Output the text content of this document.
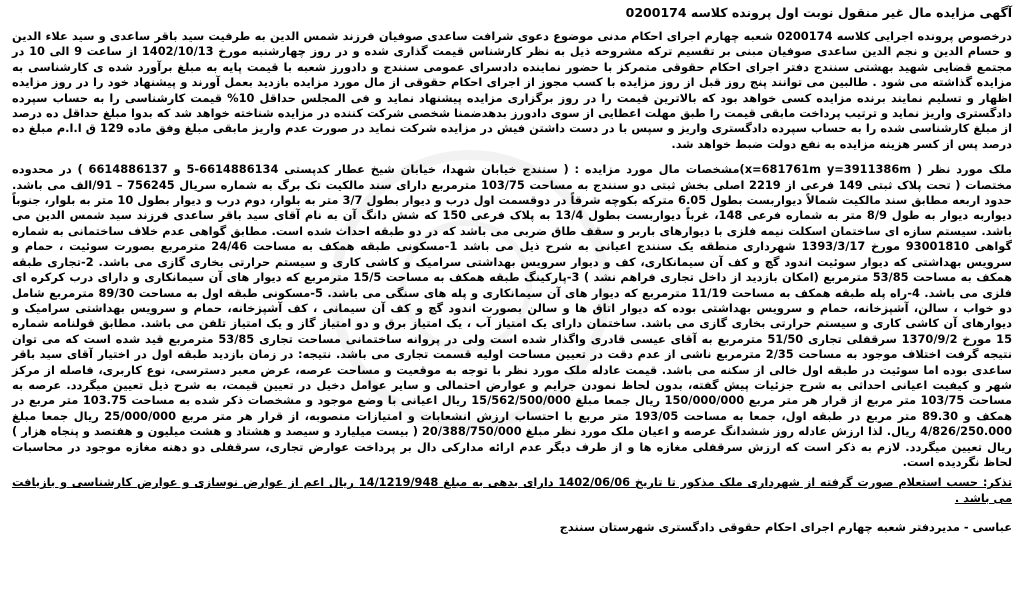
آگهی مزایده مال غیر منقول نوبت اول پرونده کلاسه 0200174

درخصوص پرونده اجرایی کلاسه 0200174 شعبه چهارم اجرای احکام مدنی موضوع دعوی شرافت ساعدی صوفیان فرزند شمس الدین به طرفیت سید باقر ساعدی و سید علاء الدین و حسام الدین و نجم الدین ساعدی صوفیان مبنی بر تقسیم ترکه مشروحه ذیل به نظر کارشناس قیمت گذاری شده و در روز چهارشنبه مورخ 1402/10/13 از ساعت 9 الی 10 در مجتمع قضایی شهید بهشتی سنندج دفتر اجرای احکام حقوقی متمرکز با حضور نماینده دادسرای عمومی سنندج و دادورز شعبه با قیمت پایه به مبلغ برآورد شده ی کارشناسی به مزایده گذاشته می شود . طالبین می توانند پنج روز قبل از روز مزایده با کسب مجوز از اجرای احکام حقوقی از مال مورد مزایده بازدید بعمل آورند و پیشنهاد خود را در روز مزایده اظهار و تسلیم نمایند برنده مزایده کسی خواهد بود که بالاترین قیمت را در روز برگزاری مزایده پیشنهاد نماید و فی المجلس حداقل 10% قیمت کارشناسی را به حساب سپرده دادگستری واریز نماید و ترتیب پرداخت مابقی قیمت را طبق مهلت اعطایی از سوی دادورز بدهدضمنا شخصی شرکت کننده در مزایده شناخته خواهد شد که بدوا مبلغ حداقل ده درصد از مبلغ کارشناسی شده را به حساب سپرده دادگستری واریز و سپس با در دست داشتن فیش در مزایده شرکت نماید در صورت عدم واریز مابقی مبلغ وفق ماده 129 ق ا.ا.م مبلغ ده درصد پس از کسر هزینه مزایده به نفع دولت ضبط خواهد شد.

ملک مورد نظر ( x=681761m y=3911386m)مشخصات مال مورد مزایده : ( سنندج خیابان شهدا، خیابان شیخ عطار کدپستی 6614886134-5 و 6614886137 ) در محدوده مختصات ( تحت پلاک ثبتی 149 فرعی از 2219 اصلی بخش ثبتی دو سنندج به مساحت 103/75 مترمربع دارای سند مالکیت تک برگ به شماره سریال 756245 – 91/الف می باشد. حدود اربعه مطابق سند مالکیت شمالاً دیواربست بطول 6.05 مترکه بکوچه شرقاً در دوقسمت اول درب و دیوار بطول 3/7 متر به بلوار، دوم درب و دیوار بطول 10 متر به بلوار، جنوباً دیواربه دیوار به طول 8/9 متر به شماره فرعی 148، غرباً دیواربست بطول 13/4 به پلاک فرعی 150 که شش دانگ آن به نام آقای سید باقر ساعدی فرزند سید شمس الدین می باشد. سیستم سازه ای ساختمان اسکلت نیمه فلزی با دیوارهای باربر و سقف طاق ضربی می باشد که در دو طبقه احداث شده است. مطابق گواهی عدم خلاف ساختمانی به شماره گواهی 93001810 مورخ 1393/3/17 شهرداری منطقه یک سنندج اعیانی به شرح ذیل می باشد 1-مسکونی طبقه همکف به مساحت 24/46 مترمربع بصورت سوئیت ، حمام و سرویس بهداشتی که دیوار سوئیت اندود گچ و کف آن سیمانکاری، کف و دیوار سرویس بهداشتی سرامیک و کاشی کاری و سیستم حرارتی بخاری گازی می باشد. 2-تجاری طبقه همکف به مساحت 53/85 مترمربع (امکان بازدید از داخل تجاری فراهم نشد ) 3-پارکینگ طبقه همکف به مساحت 15/5 مترمربع که دیوار های آن سیمانکاری و دارای درب کرکره ای فلزی می باشد. 4-راه پله طبقه همکف به مساحت 11/19 مترمربع که دیوار های آن سیمانکاری و پله های سنگی می باشد. 5-مسکونی طبقه اول به مساحت 89/30 مترمربع شامل دو خواب ، سالن، آشپزخانه، حمام و سرویس بهداشتی بوده که دیوار اتاق ها و سالن بصورت اندود گچ و کف آن سیمانی ، کف آشپزخانه، حمام و سرویس بهداشتی سرامیک و دیوارهای آن کاشی کاری و سیستم حرارتی بخاری گازی می باشد. ساختمان دارای یک امتیاز آب ، یک امتیاز برق و دو امتیاز گاز و یک امتیاز تلفن می باشد. مطابق قولنامه شماره 15 مورخ 1370/9/2 سرقفلی تجاری 51/50 مترمربع به آقای عیسی قادری واگذار شده است ولی در پروانه ساختمانی مساحت تجاری 53/85 مترمربع قید شده است که می توان نتیجه گرفت اختلاف موجود به مساحت 2/35 مترمربع ناشی از عدم دقت در تعیین مساحت اولیه قسمت تجاری می باشد. نتیجه: در زمان بازدید طبقه اول در اختیار آقای سید باقر ساعدی بوده اما سوئیت در طبقه اول خالی از سکنه می باشد. قیمت عادله ملک مورد نظر با توجه به موقعیت و مساحت عرصه، عرض معبر دسترسی، نوع کاربری، فاصله از مرکز شهر و کیفیت اعیانی احداثی به شرح جزئیات پیش گفته، بدون لحاظ نمودن جرایم و عوارض احتمالی و سایر عوامل دخیل در تعیین قیمت، به شرح ذیل تعیین میگردد. عرصه به مساحت 103/75 متر مربع از قرار هر متر مربع 150/000/000 ریال جمعا مبلغ 15/562/500/000 ریال اعیانی با وضع موجود و مشخصات ذکر شده به مساحت 103.75 متر مربع در همکف و 89.30 متر مربع در طبقه اول، جمعا به مساحت 193/05 متر مربع با احتساب ارزش انشعابات و امتیازات منصوبه، از قرار هر متر مربع 25/000/000 ریال جمعا مبلغ 4/826/250.000 ریال. لذا ارزش عادله روز ششدانگ عرصه و اعیان ملک مورد نظر مبلغ 20/388/750/000 ( بیست میلیارد و سیصد و هشتاد و هشت میلیون و هفتصد و پنجاه هزار ) ریال تعیین میگردد. لازم به ذکر است که ارزش سرقفلی مغازه ها و از طرف دیگر عدم ارائه مدارکی دال بر پرداخت عوارض تجاری، سرقفلی دو دهنه مغازه موجود در محاسبات لحاظ نگردیده است.

تذکر: حسب استعلام صورت گرفته از شهرداری ملک مذکور تا تاریخ 1402/06/06 دارای بدهی به مبلغ 14/1219/948 ریال اعم از عوارض نوسازی و عوارض کارشناسی و بازیافت می باشد .

عباسی - مدیردفتر شعبه چهارم اجرای احکام حقوقی دادگستری شهرستان سنندج
